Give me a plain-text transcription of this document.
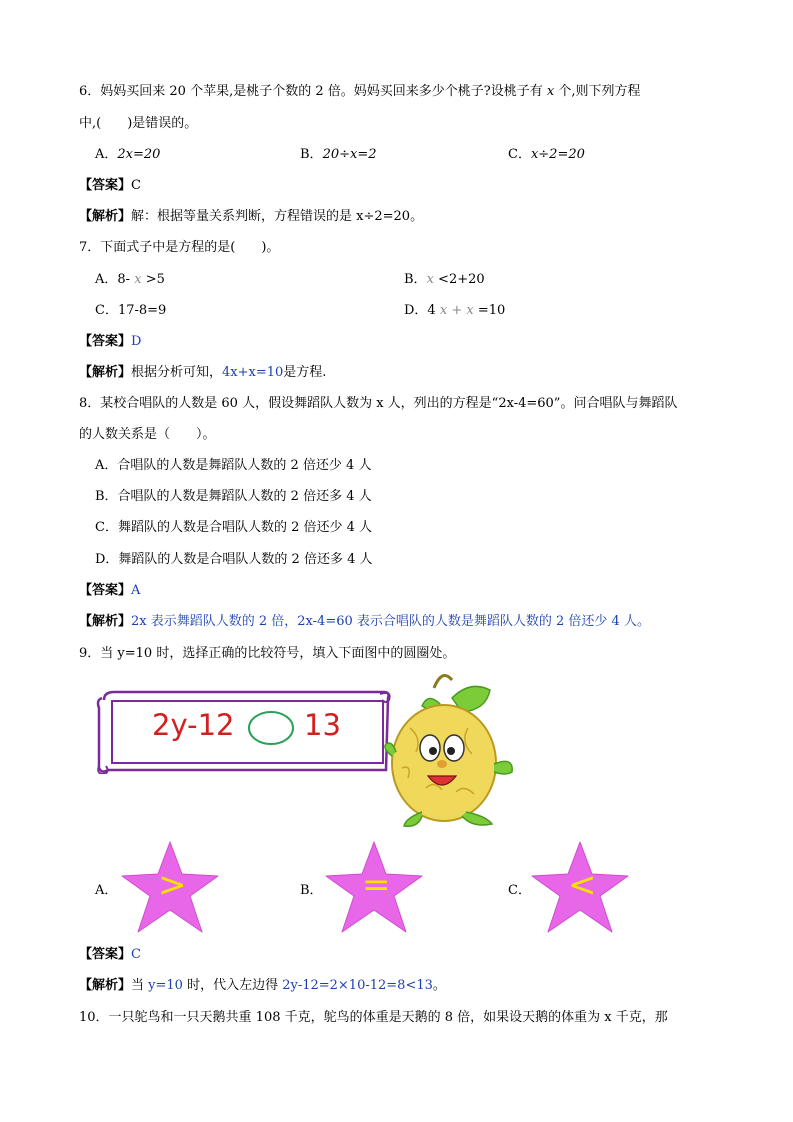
6．妈妈买回来 20 个苹果,是桃子个数的 2 倍。妈妈买回来多少个桃子?设桃子有 x 个,则下列方程
中,(　　)是错误的。
A．2x=20	B．20÷x=2	C．x÷2=20
【答案】C
【解析】解：根据等量关系判断，方程错误的是 x÷2=20。
7．下面式子中是方程的是(　　)。
A．8- x >5	B．x <2+20
C．17-8=9	D．4 x + x =10
【答案】D
【解析】根据分析可知，4x+x=10是方程.
8．某校合唱队的人数是 60 人，假设舞蹈队人数为 x 人，列出的方程是“2x-4=60”。问合唱队与舞蹈队
的人数关系是（　　）。
A．合唱队的人数是舞蹈队人数的 2 倍还少 4 人
B．合唱队的人数是舞蹈队人数的 2 倍还多 4 人
C．舞蹈队的人数是合唱队人数的 2 倍还少 4 人
D．舞蹈队的人数是合唱队人数的 2 倍还多 4 人
【答案】A
【解析】2x 表示舞蹈队人数的 2 倍，2x-4=60 表示合唱队的人数是舞蹈队人数的 2 倍还少 4 人。
9．当 y=10 时，选择正确的比较符号，填入下面图中的圆圈处。
2y-12 13
A．	B．	C．
>	=	<
【答案】C
【解析】当 y=10 时，代入左边得 2y-12=2×10-12=8<13。
10．一只鸵鸟和一只天鹅共重 108 千克，鸵鸟的体重是天鹅的 8 倍，如果设天鹅的体重为 x 千克，那
